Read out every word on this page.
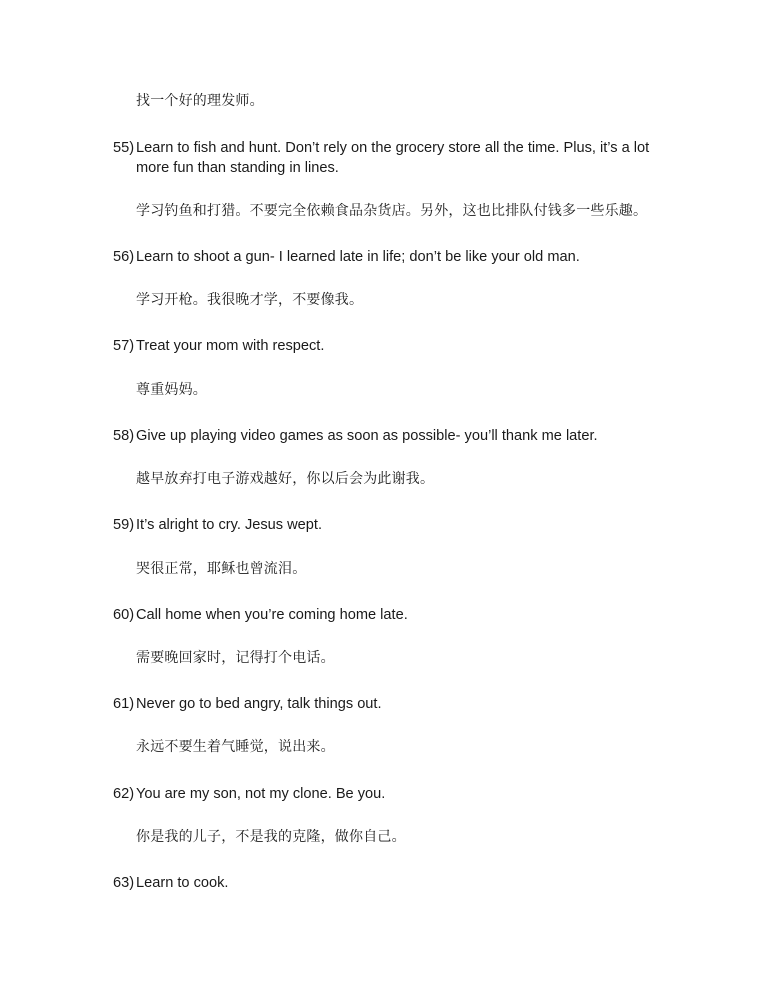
找一个好的理发师。
55) Learn to fish and hunt. Don’t rely on the grocery store all the time. Plus, it’s a lot
more fun than standing in lines.
学习钓鱼和打猎。不要完全依赖食品杂货店。另外，这也比排队付钱多一些乐趣。
56) Learn to shoot a gun- I learned late in life; don’t be like your old man.
学习开枪。我很晚才学，不要像我。
57) Treat your mom with respect.
尊重妈妈。
58) Give up playing video games as soon as possible- you’ll thank me later.
越早放弃打电子游戏越好，你以后会为此谢我。
59) It’s alright to cry. Jesus wept.
哭很正常，耶稣也曾流泪。
60) Call home when you’re coming home late.
需要晚回家时，记得打个电话。
61) Never go to bed angry, talk things out.
永远不要生着气睡觉，说出来。
62) You are my son, not my clone. Be you.
你是我的儿子，不是我的克隆，做你自己。
63) Learn to cook.
